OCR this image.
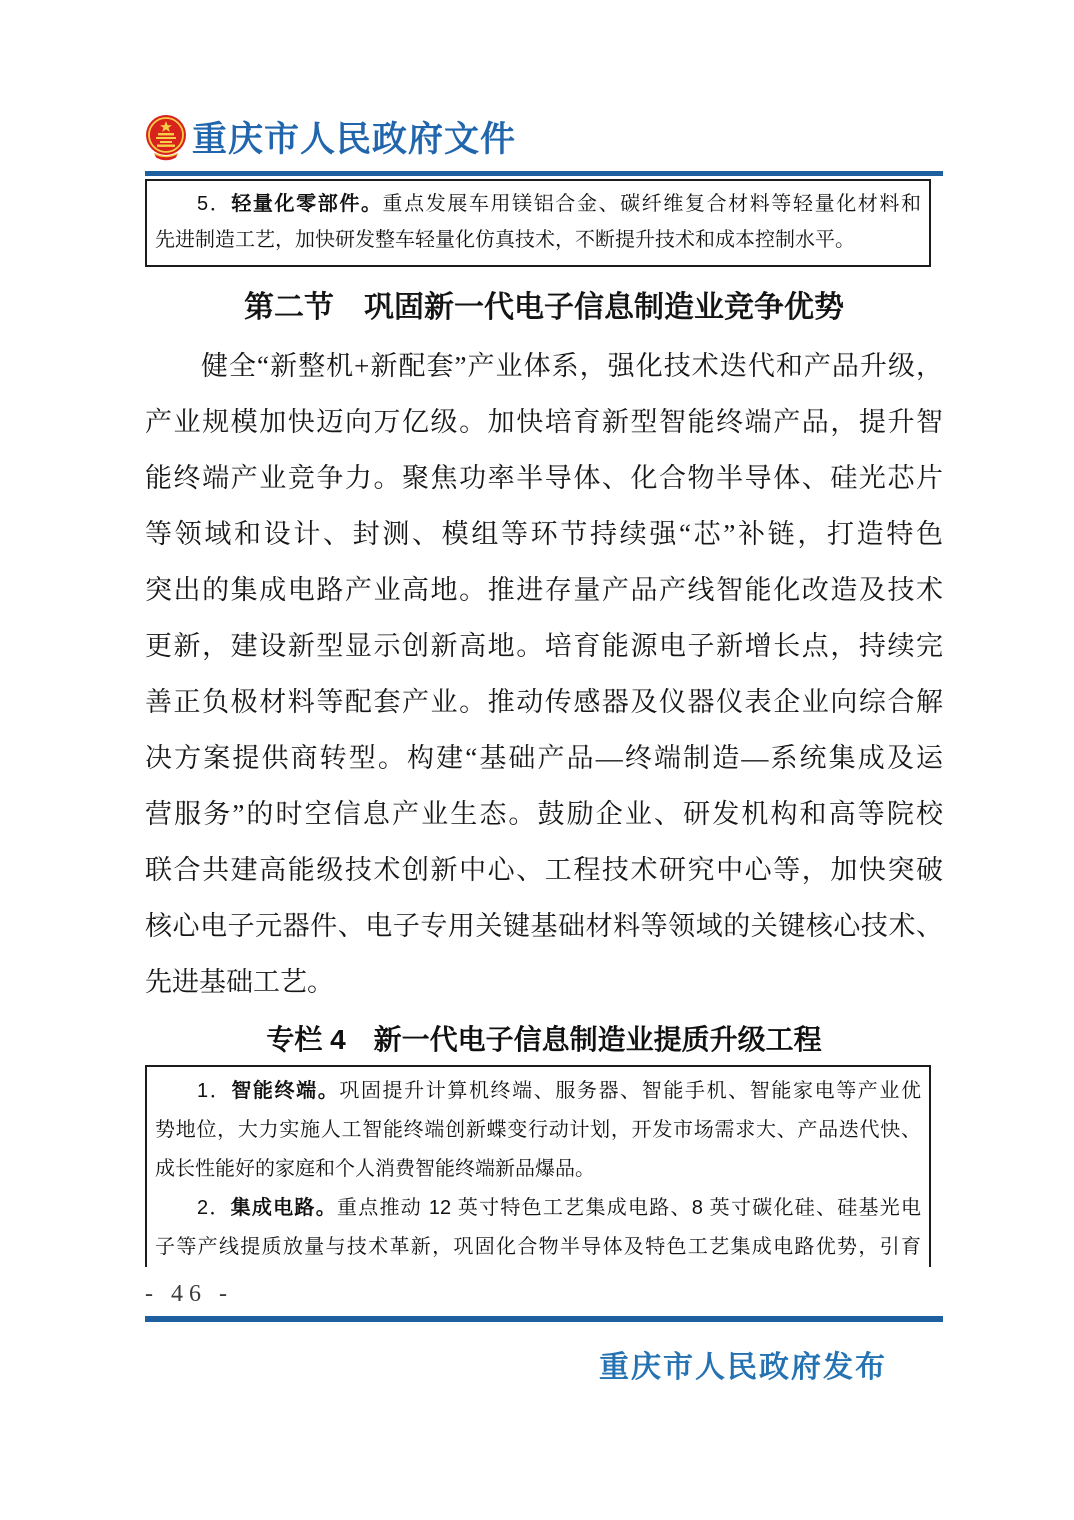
重庆市人民政府文件
5．轻量化零部件。重点发展车用镁铝合金、碳纤维复合材料等轻量化材料和
先进制造工艺，加快研发整车轻量化仿真技术，不断提升技术和成本控制水平。
第二节　巩固新一代电子信息制造业竞争优势
健全“新整机+新配套”产业体系，强化技术迭代和产品升级，
产业规模加快迈向万亿级。加快培育新型智能终端产品，提升智
能终端产业竞争力。聚焦功率半导体、化合物半导体、硅光芯片
等领域和设计、封测、模组等环节持续强“芯”补链，打造特色
突出的集成电路产业高地。推进存量产品产线智能化改造及技术
更新，建设新型显示创新高地。培育能源电子新增长点，持续完
善正负极材料等配套产业。推动传感器及仪器仪表企业向综合解
决方案提供商转型。构建“基础产品—终端制造—系统集成及运
营服务”的时空信息产业生态。鼓励企业、研发机构和高等院校
联合共建高能级技术创新中心、工程技术研究中心等，加快突破
核心电子元器件、电子专用关键基础材料等领域的关键核心技术、
先进基础工艺。
专栏 4　新一代电子信息制造业提质升级工程
1．智能终端。巩固提升计算机终端、服务器、智能手机、智能家电等产业优
势地位，大力实施人工智能终端创新蝶变行动计划，开发市场需求大、产品迭代快、
成长性能好的家庭和个人消费智能终端新品爆品。
2．集成电路。重点推动 12 英寸特色工艺集成电路、8 英寸碳化硅、硅基光电
子等产线提质放量与技术革新，巩固化合物半导体及特色工艺集成电路优势，引育
- 46 -
重庆市人民政府发布
